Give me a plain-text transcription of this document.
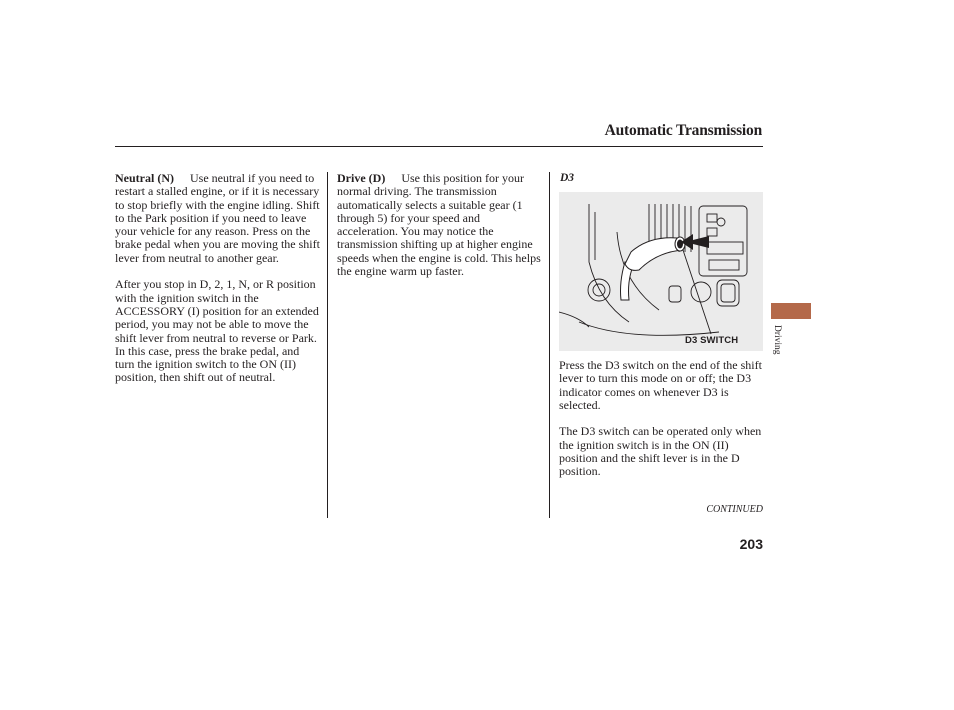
Automatic Transmission

Neutral (N) Use neutral if you need to restart a stalled engine, or if it is necessary to stop briefly with the engine idling. Shift to the Park position if you need to leave your vehicle for any reason. Press on the brake pedal when you are moving the shift lever from neutral to another gear.

After you stop in D, 2, 1, N, or R position with the ignition switch in the ACCESSORY (I) position for an extended period, you may not be able to move the shift lever from neutral to reverse or Park. In this case, press the brake pedal, and turn the ignition switch to the ON (II) position, then shift out of neutral.

Drive (D) Use this position for your normal driving. The transmission automatically selects a suitable gear (1 through 5) for your speed and acceleration. You may notice the transmission shifting up at higher engine speeds when the engine is cold. This helps the engine warm up faster.

D3
D3 SWITCH

Press the D3 switch on the end of the shift lever to turn this mode on or off; the D3 indicator comes on whenever D3 is selected.

The D3 switch can be operated only when the ignition switch is in the ON (II) position and the shift lever is in the D position.

CONTINUED
203
Driving
